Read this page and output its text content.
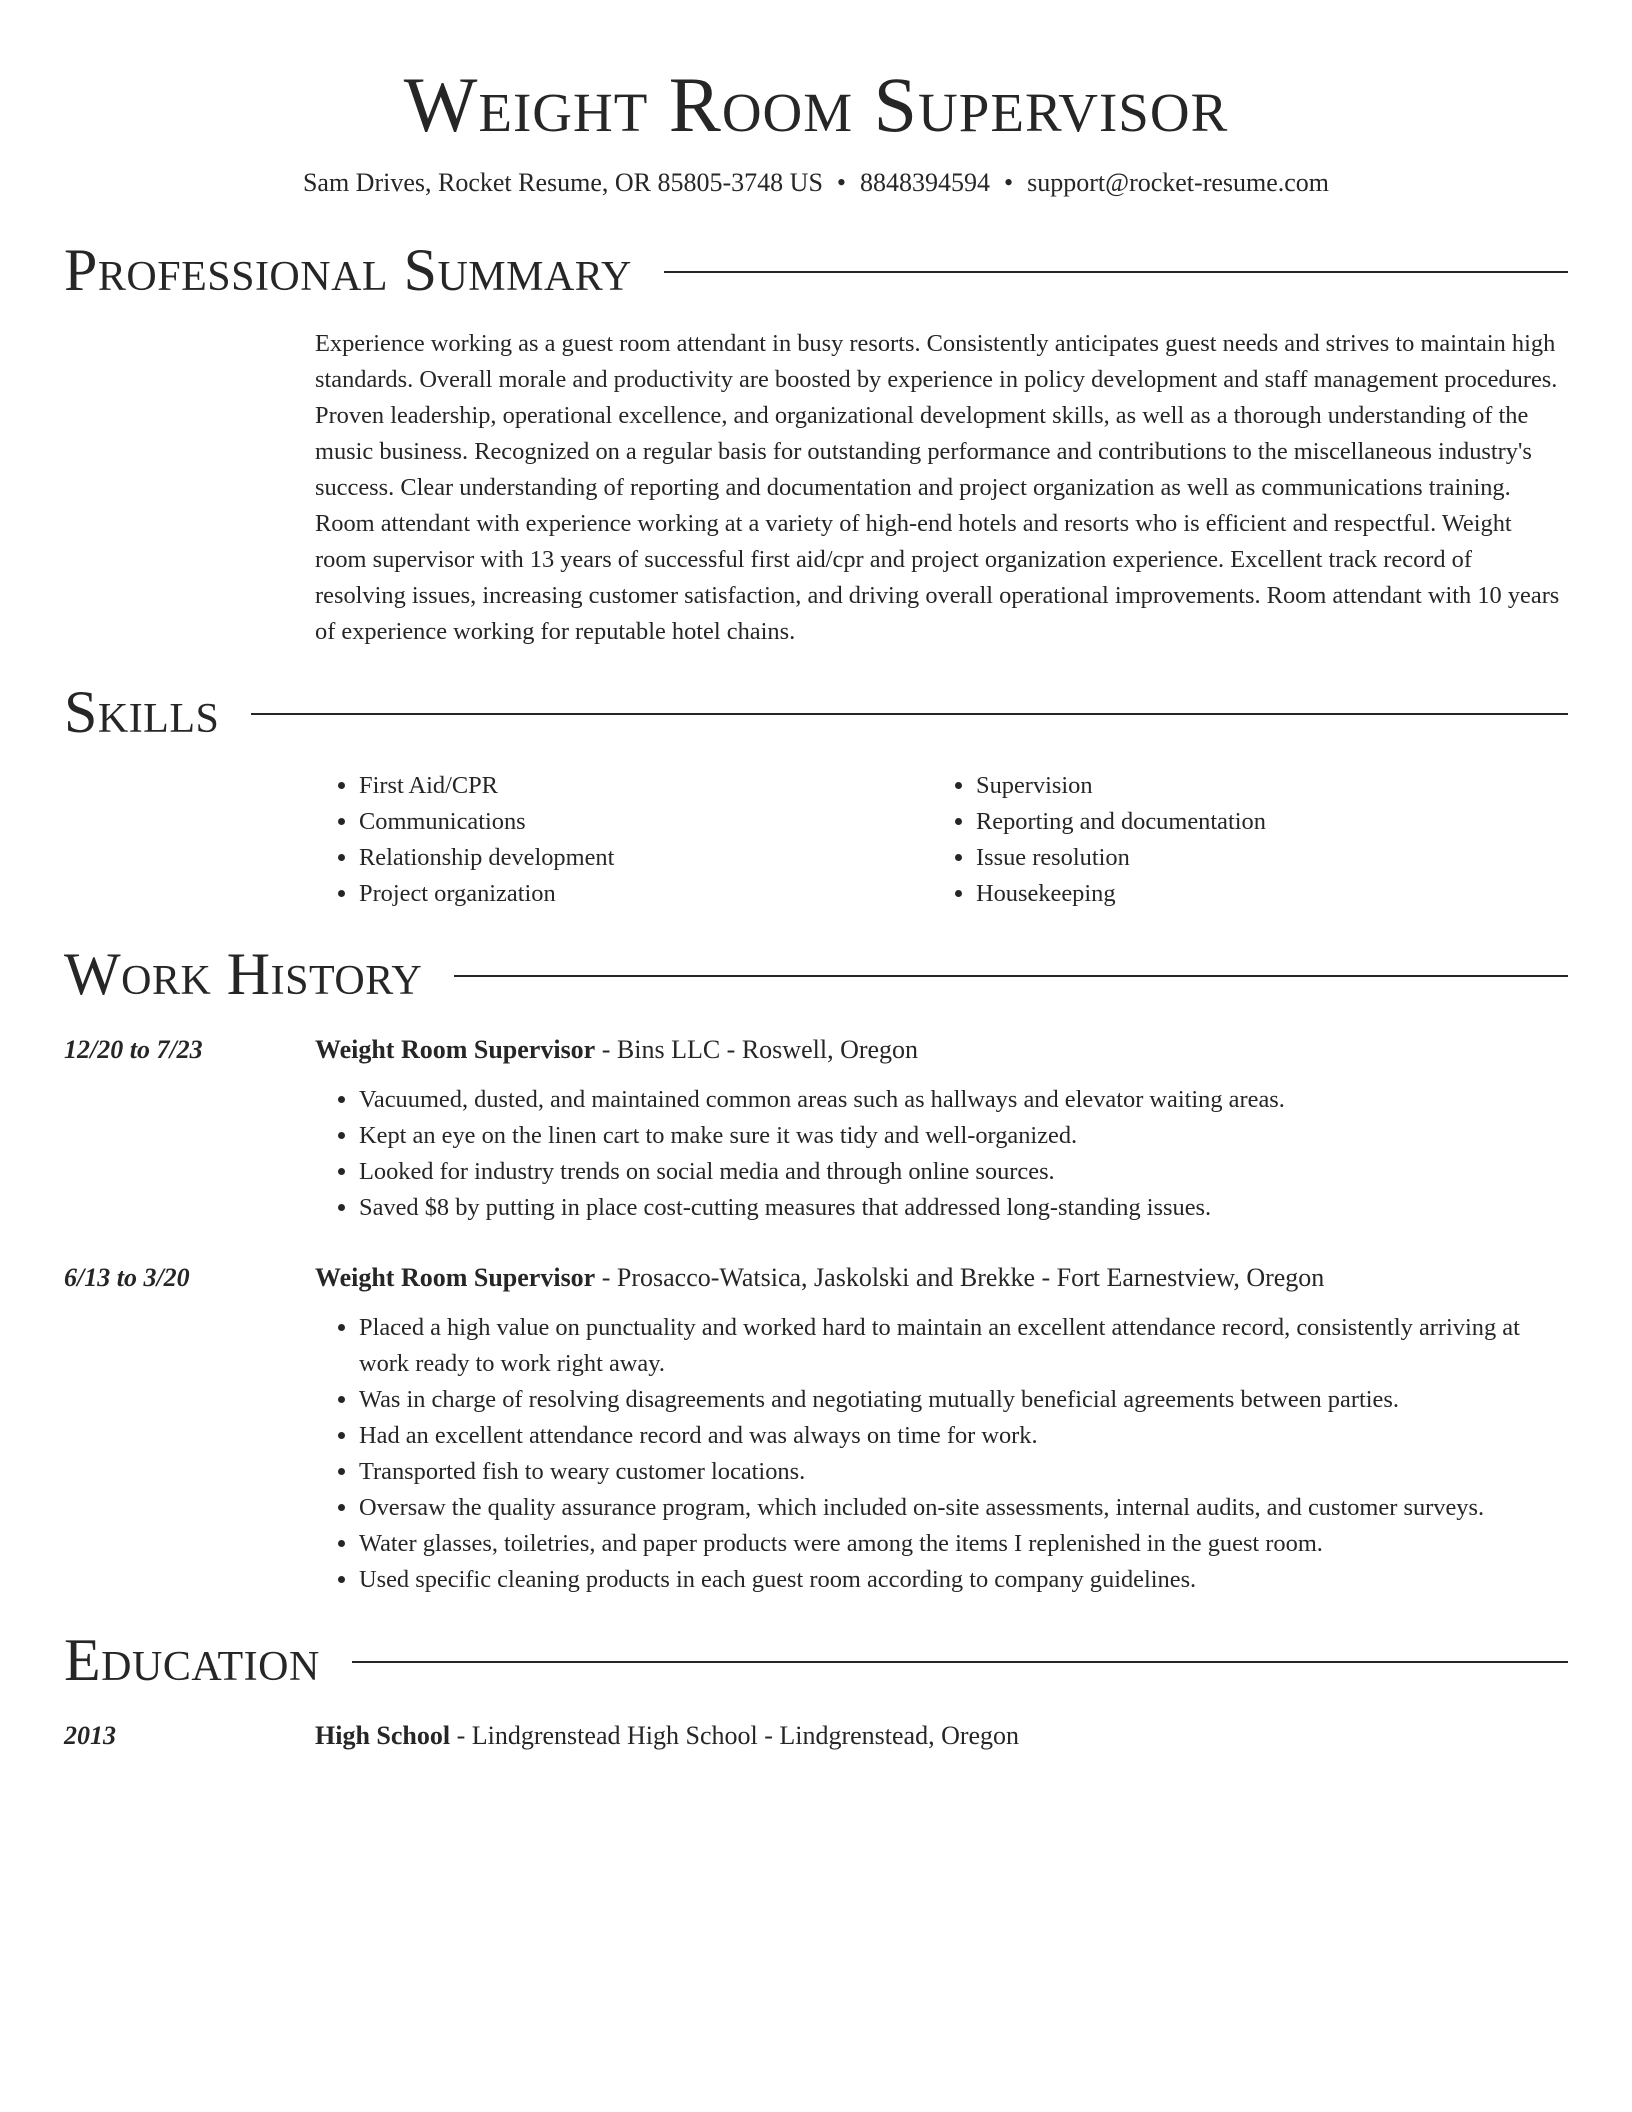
Weight Room Supervisor
Sam Drives, Rocket Resume, OR 85805-3748 US • 8848394594 • support@rocket-resume.com
Professional Summary

Experience working as a guest room attendant in busy resorts. Consistently anticipates guest needs and strives to maintain high standards. Overall morale and productivity are boosted by experience in policy development and staff management procedures. Proven leadership, operational excellence, and organizational development skills, as well as a thorough understanding of the music business. Recognized on a regular basis for outstanding performance and contributions to the miscellaneous industry's success. Clear understanding of reporting and documentation and project organization as well as communications training. Room attendant with experience working at a variety of high-end hotels and resorts who is efficient and respectful. Weight room supervisor with 13 years of successful first aid/cpr and project organization experience. Excellent track record of resolving issues, increasing customer satisfaction, and driving overall operational improvements. Room attendant with 10 years of experience working for reputable hotel chains.

Skills
• First Aid/CPR
• Communications
• Relationship development
• Project organization
• Supervision
• Reporting and documentation
• Issue resolution
• Housekeeping
Work History
12/20 to 7/23	Weight Room Supervisor - Bins LLC - Roswell, Oregon
• Vacuumed, dusted, and maintained common areas such as hallways and elevator waiting areas.
• Kept an eye on the linen cart to make sure it was tidy and well-organized.
• Looked for industry trends on social media and through online sources.
• Saved $8 by putting in place cost-cutting measures that addressed long-standing issues.
6/13 to 3/20	Weight Room Supervisor - Prosacco-Watsica, Jaskolski and Brekke - Fort Earnestview, Oregon
• Placed a high value on punctuality and worked hard to maintain an excellent attendance record, consistently arriving at work ready to work right away.
• Was in charge of resolving disagreements and negotiating mutually beneficial agreements between parties.
• Had an excellent attendance record and was always on time for work.
• Transported fish to weary customer locations.
• Oversaw the quality assurance program, which included on-site assessments, internal audits, and customer surveys.
• Water glasses, toiletries, and paper products were among the items I replenished in the guest room.
• Used specific cleaning products in each guest room according to company guidelines.
Education
2013	High School - Lindgrenstead High School - Lindgrenstead, Oregon
